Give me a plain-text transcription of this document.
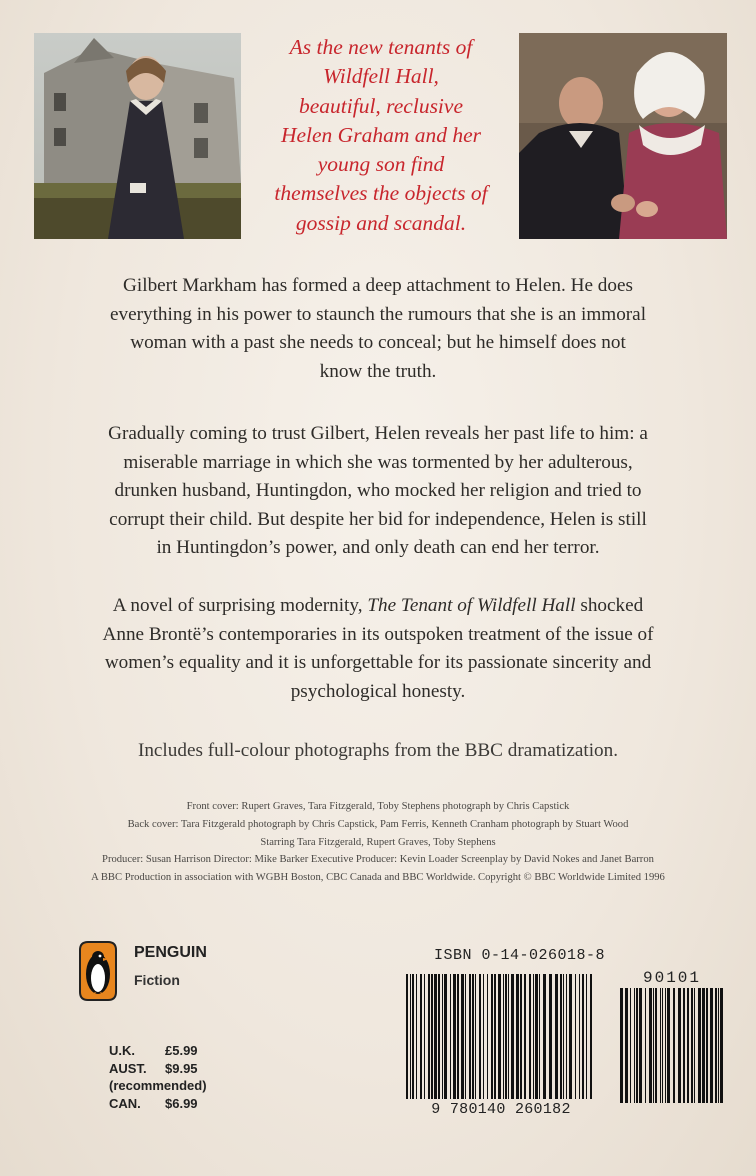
As the new tenants of
Wildfell Hall,
beautiful, reclusive
Helen Graham and her
young son find
themselves the objects of
gossip and scandal.
Gilbert Markham has formed a deep attachment to Helen. He does
everything in his power to staunch the rumours that she is an immoral
woman with a past she needs to conceal; but he himself does not
know the truth.
Gradually coming to trust Gilbert, Helen reveals her past life to him: a
miserable marriage in which she was tormented by her adulterous,
drunken husband, Huntingdon, who mocked her religion and tried to
corrupt their child. But despite her bid for independence, Helen is still
in Huntingdon’s power, and only death can end her terror.
A novel of surprising modernity, The Tenant of Wildfell Hall shocked
Anne Brontë’s contemporaries in its outspoken treatment of the issue of
women’s equality and it is unforgettable for its passionate sincerity and
psychological honesty.
Includes full-colour photographs from the BBC dramatization.
Front cover: Rupert Graves, Tara Fitzgerald, Toby Stephens photograph by Chris Capstick
Back cover: Tara Fitzgerald photograph by Chris Capstick, Pam Ferris, Kenneth Cranham photograph by Stuart Wood
Starring Tara Fitzgerald, Rupert Graves, Toby Stephens
Producer: Susan Harrison Director: Mike Barker Executive Producer: Kevin Loader Screenplay by David Nokes and Janet Barron
A BBC Production in association with WGBH Boston, CBC Canada and BBC Worldwide. Copyright © BBC Worldwide Limited 1996
PENGUIN
Fiction
U.K.	£5.99
AUST.	$9.95
(recommended)
CAN.	$6.99
ISBN 0-14-026018-8
9 780140 260182
90101
